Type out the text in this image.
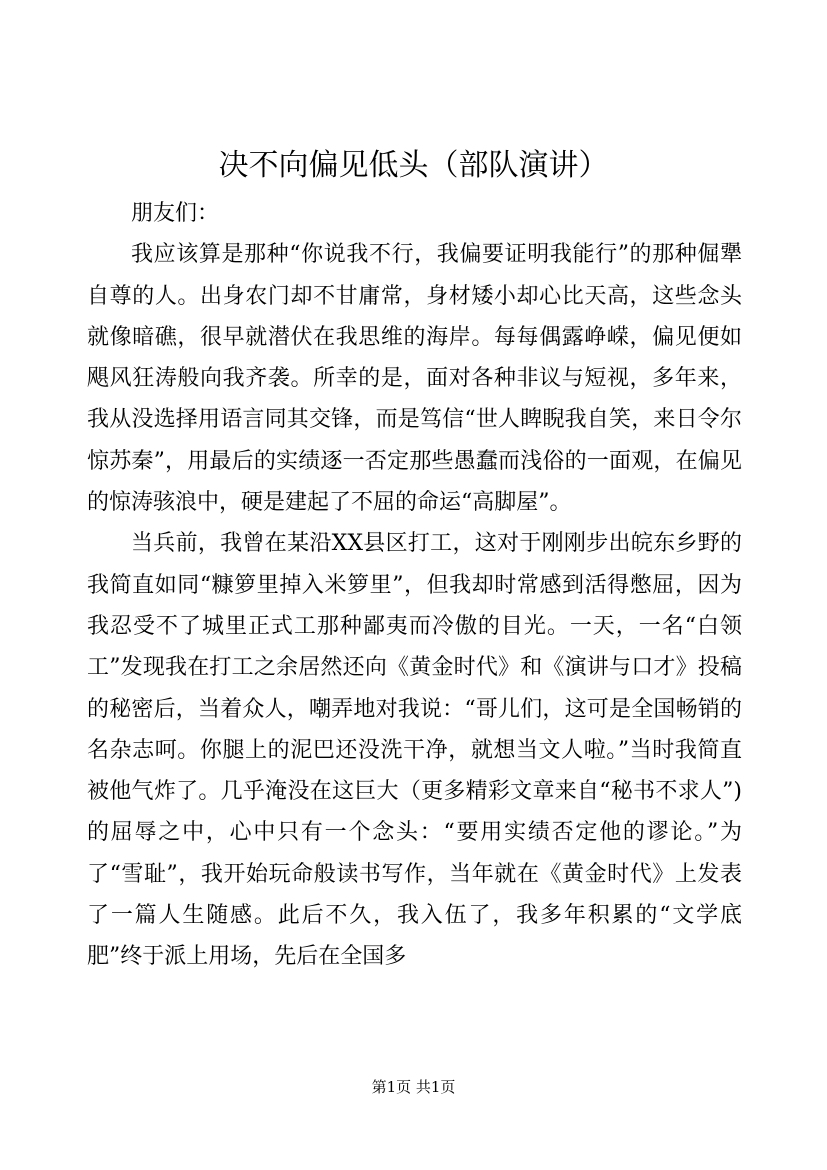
决不向偏见低头（部队演讲）

朋友们：

我应该算是那种“你说我不行，我偏要证明我能行”的那种倔犟自尊的人。出身农门却不甘庸常，身材矮小却心比天高，这些念头就像暗礁，很早就潜伏在我思维的海岸。每每偶露峥嵘，偏见便如飓风狂涛般向我齐袭。所幸的是，面对各种非议与短视，多年来，我从没选择用语言同其交锋，而是笃信“世人睥睨我自笑，来日令尔惊苏秦”，用最后的实绩逐一否定那些愚蠢而浅俗的一面观，在偏见的惊涛骇浪中，硬是建起了不屈的命运“高脚屋”。

当兵前，我曾在某沿XX县区打工，这对于刚刚步出皖东乡野的我简直如同“糠箩里掉入米箩里”，但我却时常感到活得憋屈，因为我忍受不了城里正式工那种鄙夷而冷傲的目光。一天，一名“白领工”发现我在打工之余居然还向《黄金时代》和《演讲与口才》投稿的秘密后，当着众人，嘲弄地对我说：“哥儿们，这可是全国畅销的名杂志呵。你腿上的泥巴还没洗干净，就想当文人啦。”当时我简直被他气炸了。几乎淹没在这巨大（更多精彩文章来自“秘书不求人”)的屈辱之中，心中只有一个念头：“要用实绩否定他的谬论。”为了“雪耻”，我开始玩命般读书写作，当年就在《黄金时代》上发表了一篇人生随感。此后不久，我入伍了，我多年积累的“文学底肥”终于派上用场，先后在全国多

第1页 共1页
